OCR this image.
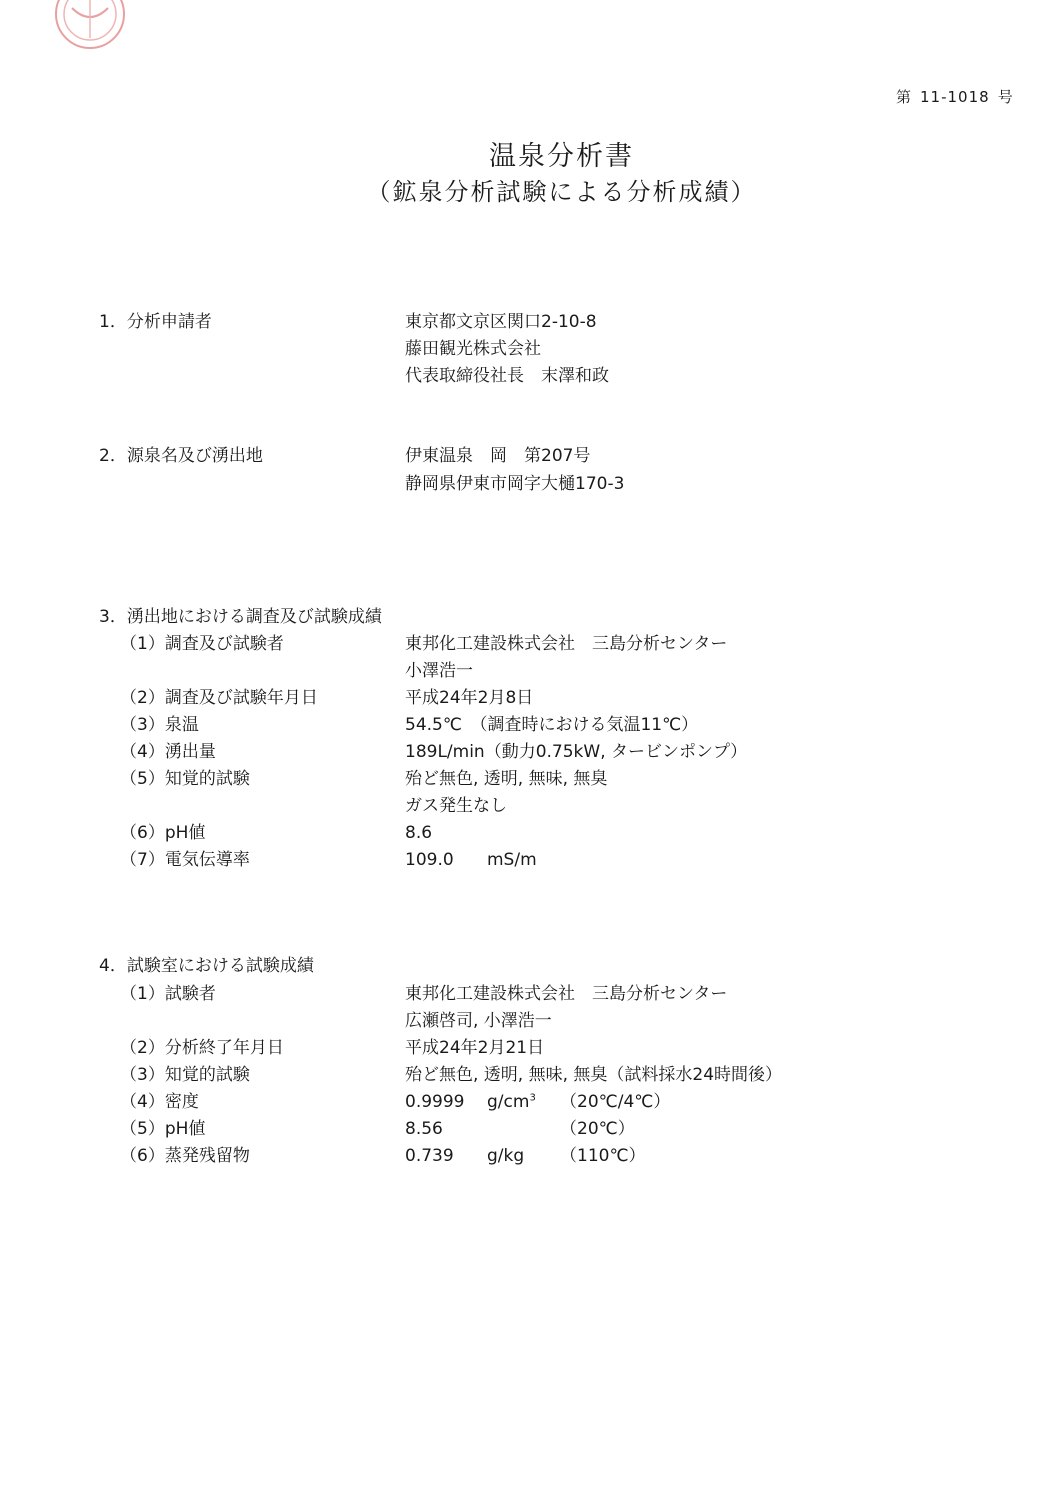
第 11-1018 号
温泉分析書
（鉱泉分析試験による分析成績）
1．分析申請者	東京都文京区関口2-10-8
藤田観光株式会社
代表取締役社長　末澤和政
2．源泉名及び湧出地	伊東温泉　岡　第207号
静岡県伊東市岡字大樋170-3
3．湧出地における調査及び試験成績
（1）調査及び試験者	東邦化工建設株式会社　三島分析センター
小澤浩一
（2）調査及び試験年月日	平成24年2月8日
（3）泉温	54.5℃　（調査時における気温11℃）
（4）湧出量	189L/min（動力0.75kW, タービンポンプ）
（5）知覚的試験	殆ど無色, 透明, 無味, 無臭
ガス発生なし
（6）pH値	8.6
（7）電気伝導率	109.0 mS/m
4．試験室における試験成績
（1）試験者	東邦化工建設株式会社　三島分析センター
広瀬啓司, 小澤浩一
（2）分析終了年月日	平成24年2月21日
（3）知覚的試験	殆ど無色, 透明, 無味, 無臭（試料採水24時間後）
（4）密度	0.9999 $g/cm^3$ （20℃/4℃）
（5）pH値	8.56	（20℃）
（6）蒸発残留物	0.739 g/kg （110℃）
